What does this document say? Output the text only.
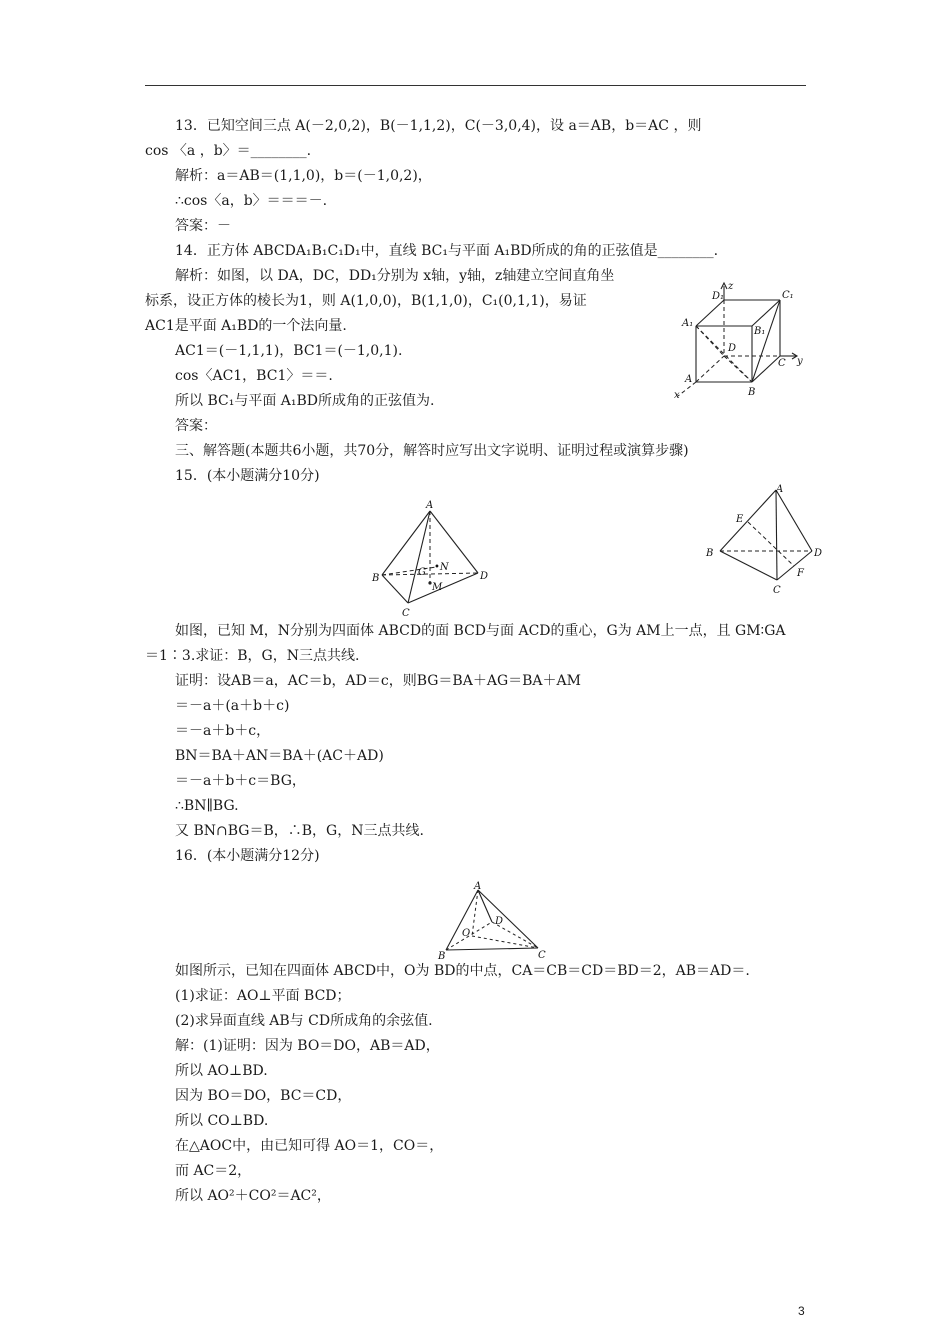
13．已知空间三点 A(－2,0,2)，B(－1,1,2)，C(－3,0,4)，设 a＝AB，b＝AC ，则
cos 〈a ，b〉＝________.
解析：a＝AB＝(1,1,0)，b＝(－1,0,2)，
∴cos〈a，b〉＝＝＝－.
答案：－
14．正方体 ABCDA₁B₁C₁D₁中，直线 BC₁与平面 A₁BD所成的角的正弦值是________.
解析：如图，以 DA，DC，DD₁分别为 x轴，y轴，z轴建立空间直角坐
标系，设正方体的棱长为1，则 A(1,0,0)，B(1,1,0)，C₁(0,1,1)，易证
AC1是平面 A₁BD的一个法向量.
AC1＝(－1,1,1)，BC1＝(－1,0,1).
cos〈AC1，BC1〉＝＝.
所以 BC₁与平面 A₁BD所成角的正弦值为.
答案：
三、解答题(本题共6小题，共70分，解答时应写出文字说明、证明过程或演算步骤)
15．(本小题满分10分)
如图，已知 M，N分别为四面体 ABCD的面 BCD与面 ACD的重心，G为 AM上一点，且 GM∶GA
＝1∶3.求证：B，G，N三点共线.
证明：设AB＝a，AC＝b，AD＝c，则BG＝BA＋AG＝BA＋AM
＝－a＋(a＋b＋c)
＝－a＋b＋c，
BN＝BA＋AN＝BA＋(AC＋AD)
＝－a＋b＋c＝BG，
∴BN∥BG.
又 BN∩BG＝B，∴B，G，N三点共线.
16．(本小题满分12分)
如图所示，已知在四面体 ABCD中，O为 BD的中点，CA＝CB＝CD＝BD＝2，AB＝AD＝.
(1)求证：AO⊥平面 BCD；
(2)求异面直线 AB与 CD所成角的余弦值.
解：(1)证明：因为 BO＝DO，AB＝AD，
所以 AO⊥BD.
因为 BO＝DO，BC＝CD，
所以 CO⊥BD.
在△AOC中，由已知可得 AO＝1，CO＝，
而 AC＝2，
所以 AO²＋CO²＝AC²，
D₁
z
C₁
A₁
B₁
D
y
A
C
x	B
A
B
G •N
M
D
C
A
E
B	D
F
C
A
D
O
B	C
3
